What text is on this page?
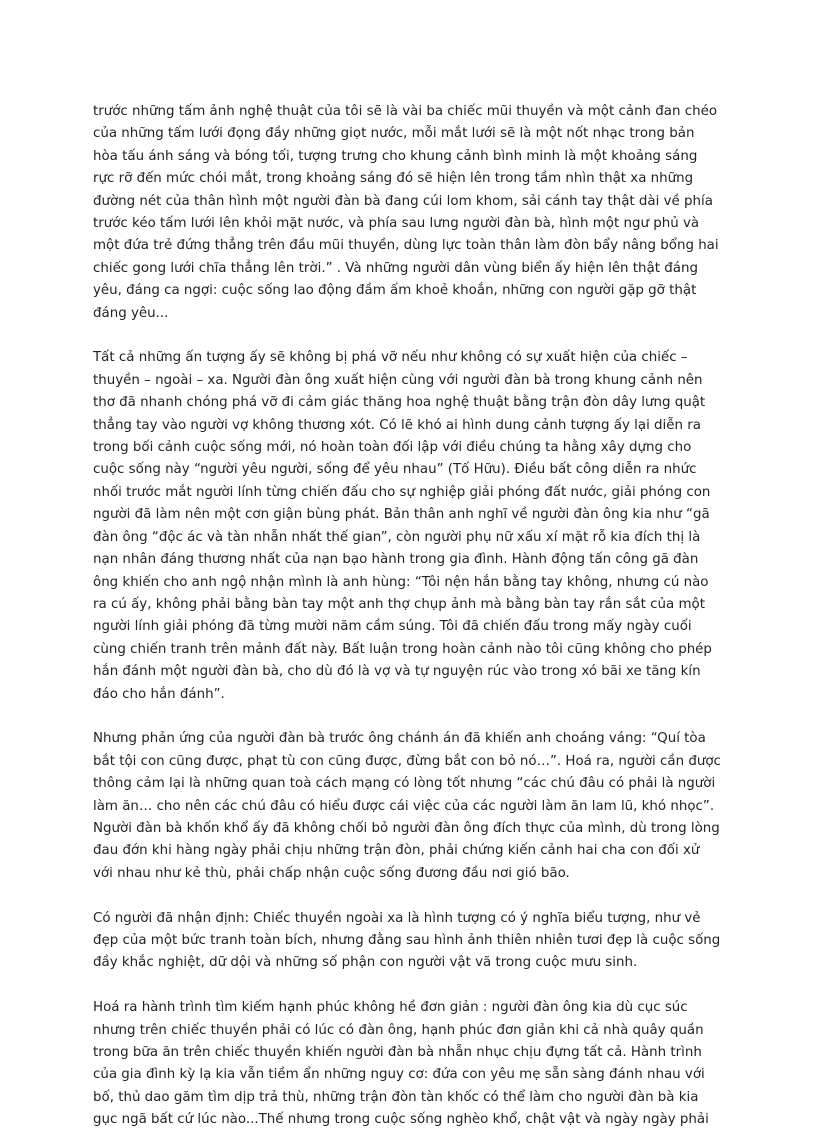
trước những tấm ảnh nghệ thuật của tôi sẽ là vài ba chiếc mũi thuyền và một cảnh đan chéo của những tấm lưới đọng đầy những giọt nước, mỗi mắt lưới sẽ là một nốt nhạc trong bản hòa tấu ánh sáng và bóng tối, tượng trưng cho khung cảnh bình minh là một khoảng sáng rực rỡ đến mức chói mắt, trong khoảng sáng đó sẽ hiện lên trong tầm nhìn thật xa những đường nét của thân hình một người đàn bà đang cúi lom khom, sải cánh tay thật dài về phía trước kéo tấm lưới lên khỏi mặt nước, và phía sau lưng người đàn bà, hình một ngư phủ và một đứa trẻ đứng thẳng trên đầu mũi thuyền, dùng lực toàn thân làm đòn bẩy nâng bổng hai chiếc gong lưới chĩa thẳng lên trời.” . Và những người dân vùng biển ấy hiện lên thật đáng yêu, đáng ca ngợi: cuộc sống lao động đầm ấm khoẻ khoắn, những con người gặp gỡ thật đáng yêu...

Tất cả những ấn tượng ấy sẽ không bị phá vỡ nếu như không có sự xuất hiện của chiếc – thuyền – ngoài – xa. Người đàn ông xuất hiện cùng với người đàn bà trong khung cảnh nên thơ đã nhanh chóng phá vỡ đi cảm giác thăng hoa nghệ thuật bằng trận đòn dây lưng quật thẳng tay vào người vợ không thương xót. Có lẽ khó ai hình dung cảnh tượng ấy lại diễn ra trong bối cảnh cuộc sống mới, nó hoàn toàn đối lập với điều chúng ta hằng xây dựng cho cuộc sống này “người yêu người, sống để yêu nhau” (Tố Hữu). Điều bất công diễn ra nhức nhối trước mắt người lính từng chiến đấu cho sự nghiệp giải phóng đất nước, giải phóng con người đã làm nên một cơn giận bùng phát. Bản thân anh nghĩ về người đàn ông kia như “gã đàn ông “độc ác và tàn nhẫn nhất thế gian”, còn người phụ nữ xấu xí mặt rỗ kia đích thị là nạn nhân đáng thương nhất của nạn bạo hành trong gia đình. Hành động tấn công gã đàn ông khiến cho anh ngộ nhận mình là anh hùng: “Tôi nện hắn bằng tay không, nhưng cú nào ra cú ấy, không phải bằng bàn tay một anh thợ chụp ảnh mà bằng bàn tay rắn sắt của một người lính giải phóng đã từng mười năm cầm súng. Tôi đã chiến đấu trong mấy ngày cuối cùng chiến tranh trên mảnh đất này. Bất luận trong hoàn cảnh nào tôi cũng không cho phép hắn đánh một người đàn bà, cho dù đó là vợ và tự nguyện rúc vào trong xó bãi xe tăng kín đáo cho hắn đánh”.

Nhưng phản ứng của người đàn bà trước ông chánh án đã khiến anh choáng váng: “Quí tòa bắt tội con cũng được, phạt tù con cũng được, đừng bắt con bỏ nó…”. Hoá ra, người cần được thông cảm lại là những quan toà cách mạng có lòng tốt nhưng “các chú đâu có phải là người làm ăn… cho nên các chú đâu có hiểu được cái việc của các người làm ăn lam lũ, khó nhọc”. Người đàn bà khốn khổ ấy đã không chối bỏ người đàn ông đích thực của mình, dù trong lòng đau đớn khi hàng ngày phải chịu những trận đòn, phải chứng kiến cảnh hai cha con đối xử với nhau như kẻ thù, phải chấp nhận cuộc sống đương đầu nơi gió bão.

Có người đã nhận định: Chiếc thuyền ngoài xa là hình tượng có ý nghĩa biểu tượng, như vẻ đẹp của một bức tranh toàn bích, nhưng đằng sau hình ảnh thiên nhiên tươi đẹp là cuộc sống đầy khắc nghiệt, dữ dội và những số phận con người vật vã trong cuộc mưu sinh.

Hoá ra hành trình tìm kiếm hạnh phúc không hề đơn giản : người đàn ông kia dù cục súc nhưng trên chiếc thuyền phải có lúc có đàn ông, hạnh phúc đơn giản khi cả nhà quây quần trong bữa ăn trên chiếc thuyền khiến người đàn bà nhẫn nhục chịu đựng tất cả. Hành trình của gia đình kỳ lạ kia vẫn tiềm ẩn những nguy cơ: đứa con yêu mẹ sẵn sàng đánh nhau với bố, thủ dao găm tìm dịp trả thù, những trận đòn tàn khốc có thể làm cho người đàn bà kia gục ngã bất cứ lúc nào...Thế nhưng trong cuộc sống nghèo khổ, chật vật và ngày ngày phải
